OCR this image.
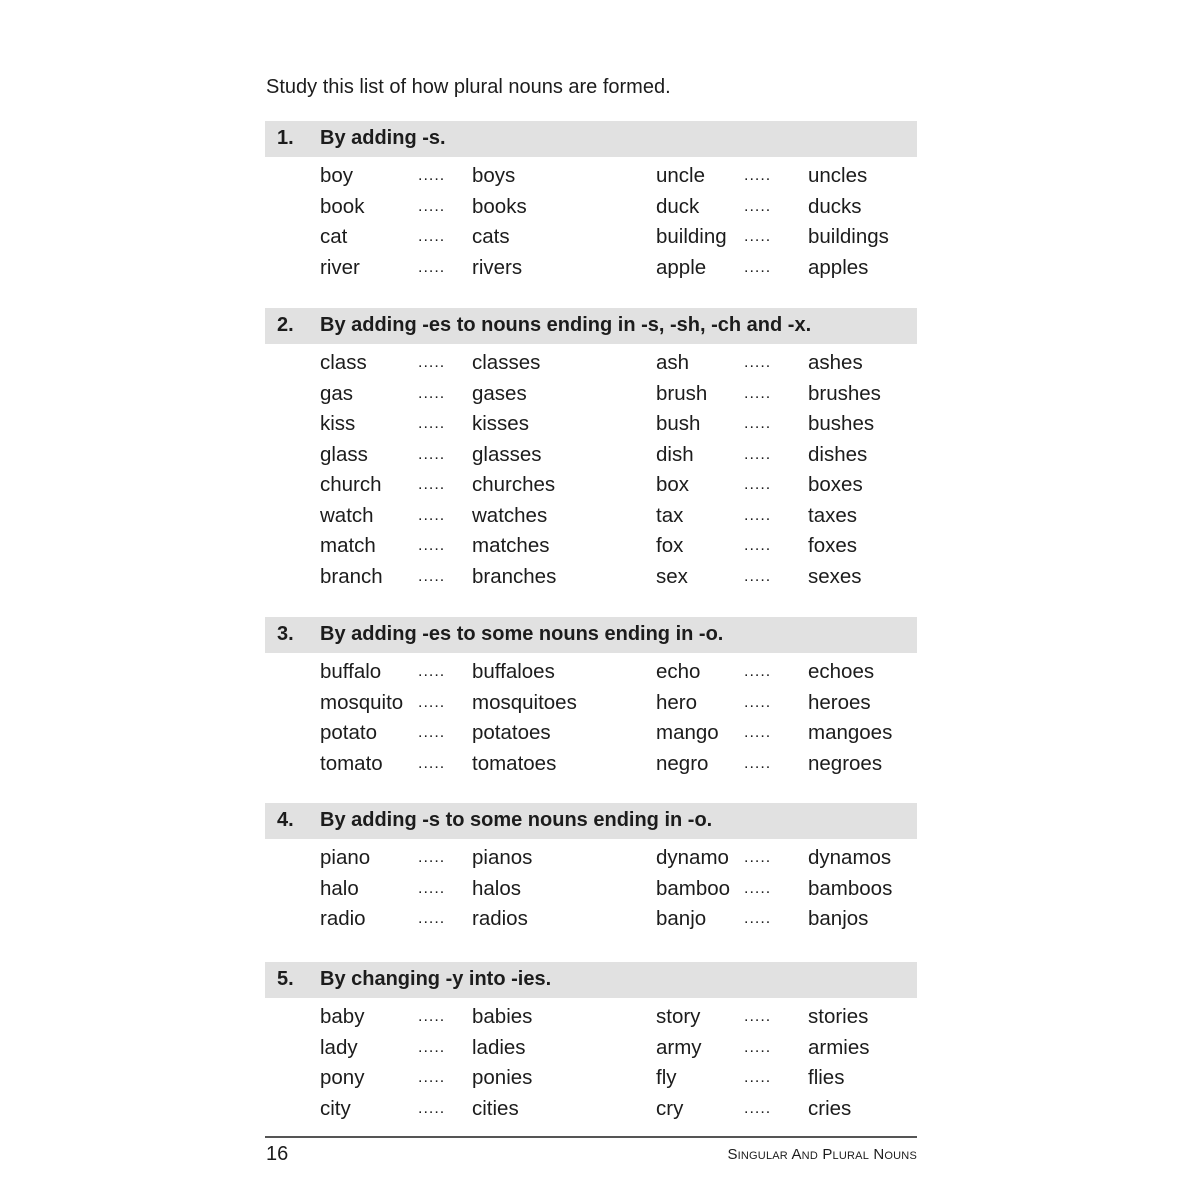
Study this list of how plural nouns are formed.
1. By adding -s.
boy	..... boys	uncle ..... uncles
book	..... books	duck	..... ducks
cat	..... cats	building ..... buildings
river	..... rivers	apple ..... apples
2. By adding -es to nouns ending in -s, -sh, -ch and -x.
class	..... classes	ash	..... ashes
gas	..... gases	brush ..... brushes
kiss	..... kisses	bush	..... bushes
glass	..... glasses	dish	..... dishes
church ..... churches	box	..... boxes
watch	..... watches	tax	..... taxes
match	..... matches	fox	..... foxes
branch ..... branches	sex	..... sexes
3. By adding -es to some nouns ending in -o.
buffalo ..... buffaloes	echo	..... echoes
mosquito ..... mosquitoes	hero	..... heroes
potato	..... potatoes	mango ..... mangoes
tomato ..... tomatoes	negro ..... negroes
4. By adding -s to some nouns ending in -o.
piano	..... pianos	dynamo ..... dynamos
halo	..... halos	bamboo ..... bamboos
radio	..... radios	banjo ..... banjos
5. By changing -y into -ies.
baby	..... babies	story	..... stories
lady	..... ladies	army	..... armies
pony	..... ponies	fly	..... flies
city	..... cities	cry	..... cries
16	Singular And Plural Nouns
